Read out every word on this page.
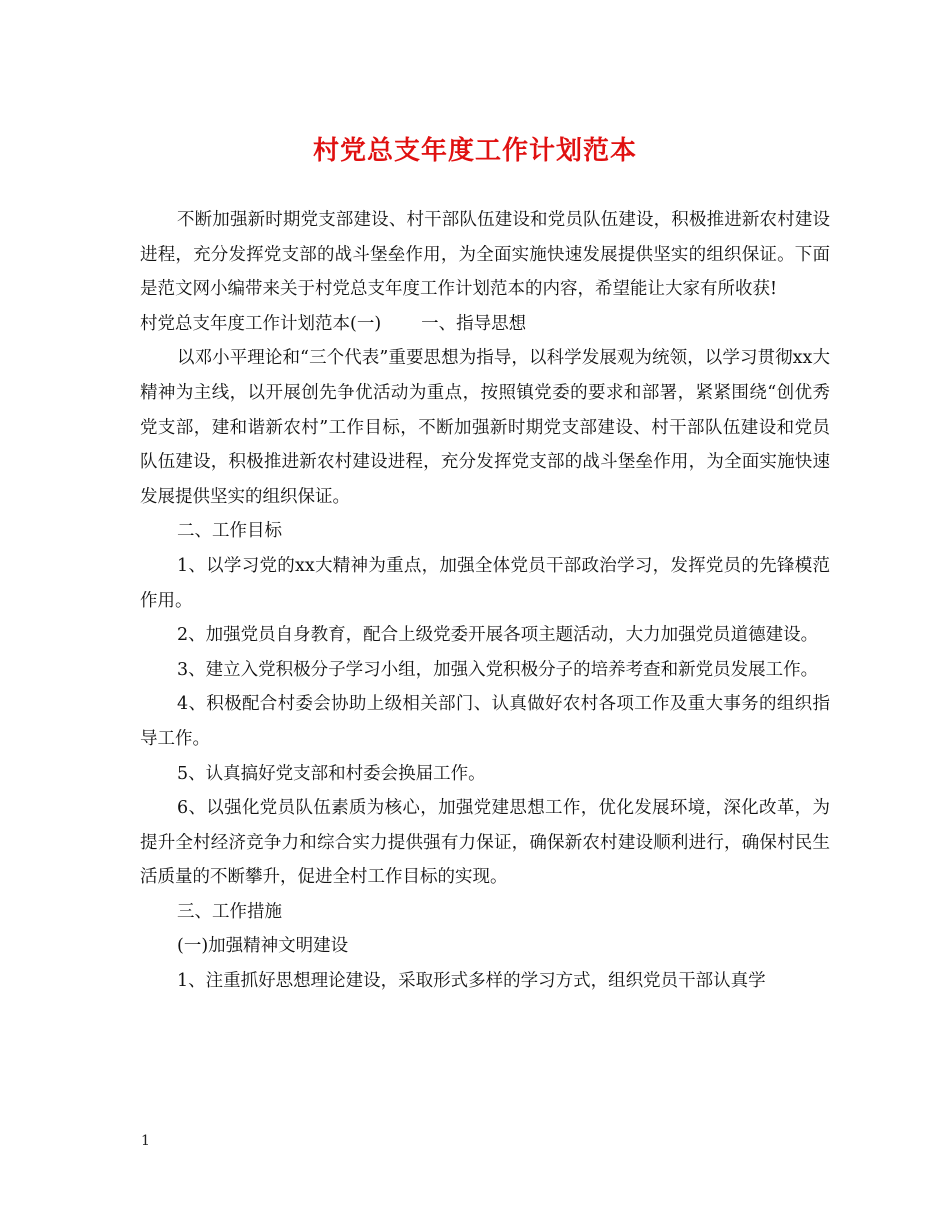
村党总支年度工作计划范本

不断加强新时期党支部建设、村干部队伍建设和党员队伍建设，积极推进新农村建设进程，充分发挥党支部的战斗堡垒作用，为全面实施快速发展提供坚实的组织保证。下面是范文网小编带来关于村党总支年度工作计划范本的内容，希望能让大家有所收获!

村党总支年度工作计划范本(一) 一、指导思想

以邓小平理论和“三个代表”重要思想为指导，以科学发展观为统领，以学习贯彻xx大精神为主线，以开展创先争优活动为重点，按照镇党委的要求和部署，紧紧围绕“创优秀党支部，建和谐新农村”工作目标，不断加强新时期党支部建设、村干部队伍建设和党员队伍建设，积极推进新农村建设进程，充分发挥党支部的战斗堡垒作用，为全面实施快速发展提供坚实的组织保证。

二、工作目标

1、以学习党的xx大精神为重点，加强全体党员干部政治学习，发挥党员的先锋模范作用。

2、加强党员自身教育，配合上级党委开展各项主题活动，大力加强党员道德建设。

3、建立入党积极分子学习小组，加强入党积极分子的培养考查和新党员发展工作。

4、积极配合村委会协助上级相关部门、认真做好农村各项工作及重大事务的组织指导工作。

5、认真搞好党支部和村委会换届工作。

6、以强化党员队伍素质为核心，加强党建思想工作，优化发展环境，深化改革，为提升全村经济竞争力和综合实力提供强有力保证，确保新农村建设顺利进行，确保村民生活质量的不断攀升，促进全村工作目标的实现。

三、工作措施

(一)加强精神文明建设

1、注重抓好思想理论建设，采取形式多样的学习方式，组织党员干部认真学

1
